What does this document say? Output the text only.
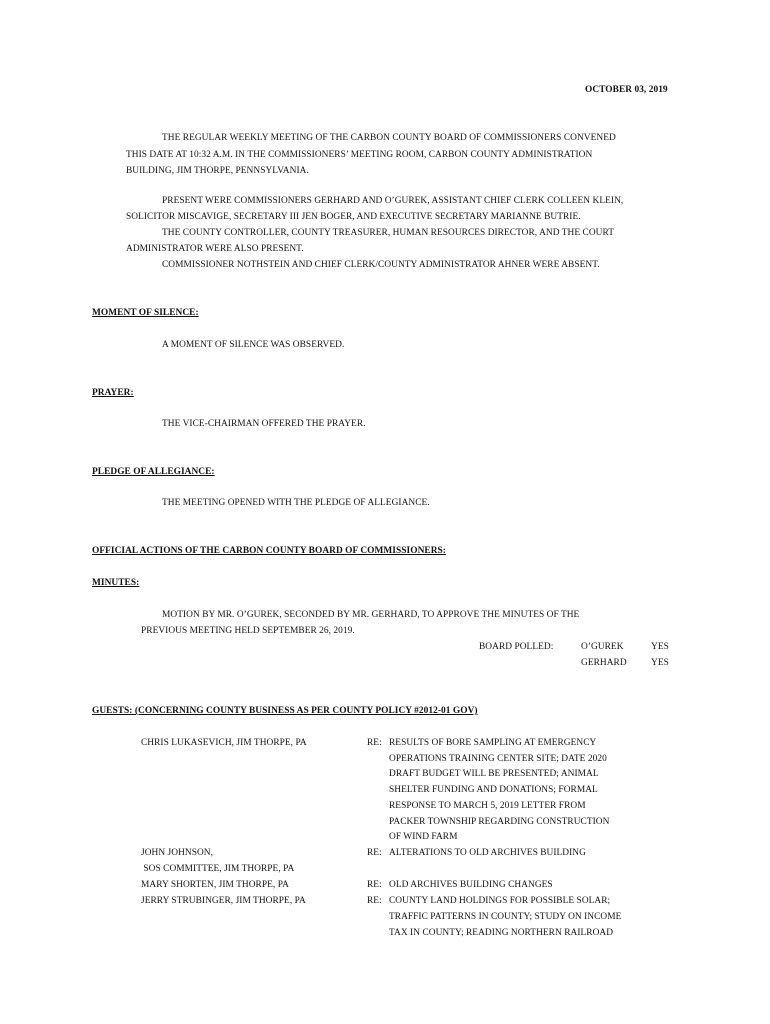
OCTOBER 03, 2019
THE REGULAR WEEKLY MEETING OF THE CARBON COUNTY BOARD OF COMMISSIONERS CONVENED
THIS DATE AT 10:32 A.M. IN THE COMMISSIONERS’ MEETING ROOM, CARBON COUNTY ADMINISTRATION
BUILDING, JIM THORPE, PENNSYLVANIA.
PRESENT WERE COMMISSIONERS GERHARD AND O’GUREK, ASSISTANT CHIEF CLERK COLLEEN KLEIN,
SOLICITOR MISCAVIGE, SECRETARY III JEN BOGER, AND EXECUTIVE SECRETARY MARIANNE BUTRIE.
THE COUNTY CONTROLLER, COUNTY TREASURER, HUMAN RESOURCES DIRECTOR, AND THE COURT
ADMINISTRATOR WERE ALSO PRESENT.
COMMISSIONER NOTHSTEIN AND CHIEF CLERK/COUNTY ADMINISTRATOR AHNER WERE ABSENT.
MOMENT OF SILENCE:
A MOMENT OF SILENCE WAS OBSERVED.
PRAYER:
THE VICE-CHAIRMAN OFFERED THE PRAYER.
PLEDGE OF ALLEGIANCE:
THE MEETING OPENED WITH THE PLEDGE OF ALLEGIANCE.
OFFICIAL ACTIONS OF THE CARBON COUNTY BOARD OF COMMISSIONERS:
MINUTES:
MOTION BY MR. O’GUREK, SECONDED BY MR. GERHARD, TO APPROVE THE MINUTES OF THE
PREVIOUS MEETING HELD SEPTEMBER 26, 2019.
BOARD POLLED:	O’GUREK	YES
GERHARD	YES
GUESTS: (CONCERNING COUNTY BUSINESS AS PER COUNTY POLICY #2012-01 GOV)
CHRIS LUKASEVICH, JIM THORPE, PA	RE: RESULTS OF BORE SAMPLING AT EMERGENCY
OPERATIONS TRAINING CENTER SITE; DATE 2020
DRAFT BUDGET WILL BE PRESENTED; ANIMAL
SHELTER FUNDING AND DONATIONS; FORMAL
RESPONSE TO MARCH 5, 2019 LETTER FROM
PACKER TOWNSHIP REGARDING CONSTRUCTION
OF WIND FARM
JOHN JOHNSON,	RE: ALTERATIONS TO OLD ARCHIVES BUILDING
SOS COMMITTEE, JIM THORPE, PA
MARY SHORTEN, JIM THORPE, PA	RE: OLD ARCHIVES BUILDING CHANGES
JERRY STRUBINGER, JIM THORPE, PA	RE: COUNTY LAND HOLDINGS FOR POSSIBLE SOLAR;
TRAFFIC PATTERNS IN COUNTY; STUDY ON INCOME
TAX IN COUNTY; READING NORTHERN RAILROAD
